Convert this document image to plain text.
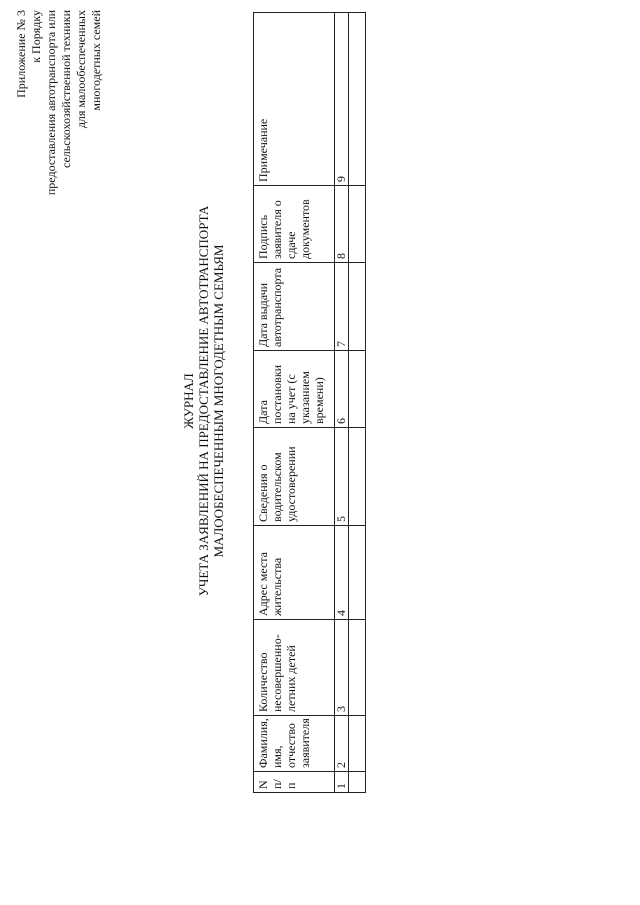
Приложение № 3 к Порядку предоставления автотранспорта или сельскохозяйственной техники для малообеспеченных многодетных семей
ЖУРНАЛ УЧЕТА ЗАЯВЛЕНИЙ НА ПРЕДОСТАВЛЕНИЕ АВТОТРАНСПОРТА МАЛООБЕСПЕЧЕННЫМ МНОГОДЕТНЫМ СЕМЬЯМ
N п/п	Фамилия, имя, отчество заявителя	Количество несовершенно-летних детей	Адрес места жительства	Сведения о водительском удостоверении	Дата постановки на учет (с указанием времени)	Дата выдачи автотранспорта	Подпись заявителя о сдаче документов	Примечание
1	2	3	4	5	6	7	8	9
